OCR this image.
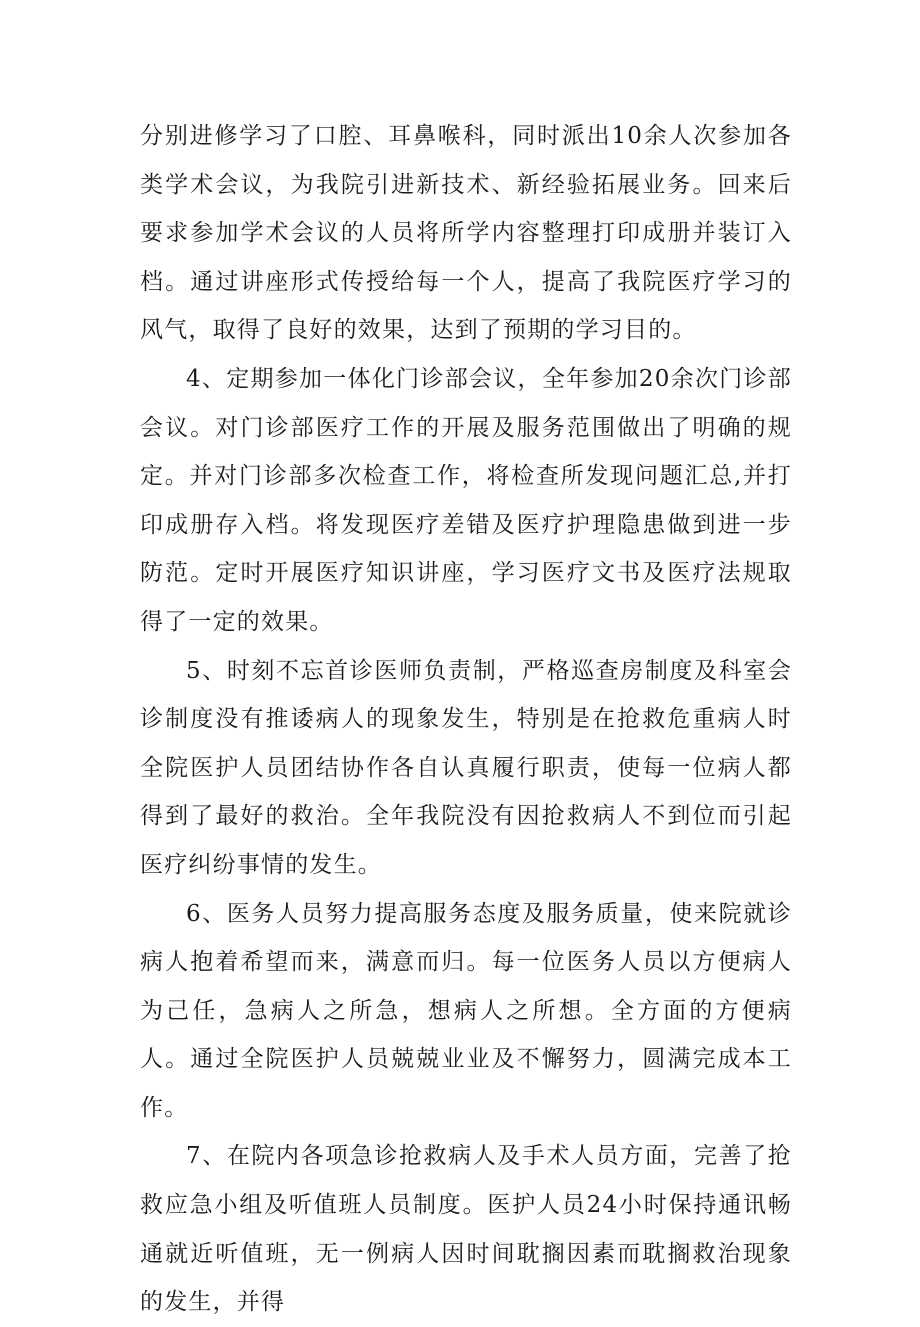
分别进修学习了口腔、耳鼻喉科，同时派出10余人次参加各类学术会议，为我院引进新技术、新经验拓展业务。回来后要求参加学术会议的人员将所学内容整理打印成册并装订入档。通过讲座形式传授给每一个人，提高了我院医疗学习的风气，取得了良好的效果，达到了预期的学习目的。

4、定期参加一体化门诊部会议，全年参加20余次门诊部会议。对门诊部医疗工作的开展及服务范围做出了明确的规定。并对门诊部多次检查工作，将检查所发现问题汇总,并打印成册存入档。将发现医疗差错及医疗护理隐患做到进一步防范。定时开展医疗知识讲座，学习医疗文书及医疗法规取得了一定的效果。

5、时刻不忘首诊医师负责制，严格巡查房制度及科室会诊制度没有推诿病人的现象发生，特别是在抢救危重病人时全院医护人员团结协作各自认真履行职责，使每一位病人都得到了最好的救治。全年我院没有因抢救病人不到位而引起医疗纠纷事情的发生。

6、医务人员努力提高服务态度及服务质量，使来院就诊病人抱着希望而来，满意而归。每一位医务人员以方便病人为己任，急病人之所急，想病人之所想。全方面的方便病人。通过全院医护人员兢兢业业及不懈努力，圆满完成本工作。

7、在院内各项急诊抢救病人及手术人员方面，完善了抢救应急小组及听值班人员制度。医护人员24小时保持通讯畅通就近听值班，无一例病人因时间耽搁因素而耽搁救治现象的发生，并得
